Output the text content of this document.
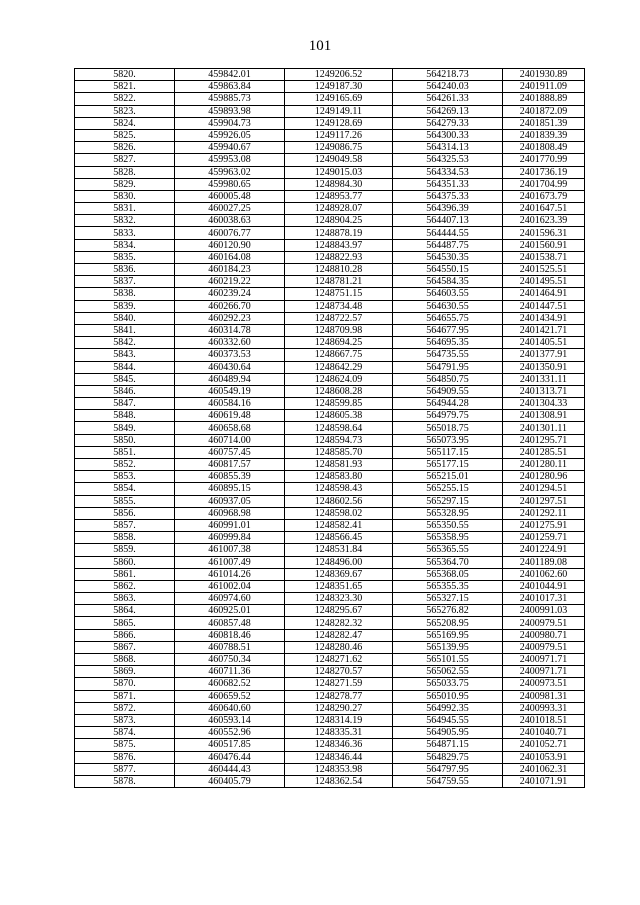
101
5820.	459842.01	1249206.52	564218.73	2401930.89
5821.	459863.84	1249187.30	564240.03	2401911.09
5822.	459885.73	1249165.69	564261.33	2401888.89
5823.	459893.98	1249149.11	564269.13	2401872.09
5824.	459904.73	1249128.69	564279.33	2401851.39
5825.	459926.05	1249117.26	564300.33	2401839.39
5826.	459940.67	1249086.75	564314.13	2401808.49
5827.	459953.08	1249049.58	564325.53	2401770.99
5828.	459963.02	1249015.03	564334.53	2401736.19
5829.	459980.65	1248984.30	564351.33	2401704.99
5830.	460005.48	1248953.77	564375.33	2401673.79
5831.	460027.25	1248928.07	564396.39	2401647.51
5832.	460038.63	1248904.25	564407.13	2401623.39
5833.	460076.77	1248878.19	564444.55	2401596.31
5834.	460120.90	1248843.97	564487.75	2401560.91
5835.	460164.08	1248822.93	564530.35	2401538.71
5836.	460184.23	1248810.28	564550.15	2401525.51
5837.	460219.22	1248781.21	564584.35	2401495.51
5838.	460239.24	1248751.15	564603.55	2401464.91
5839.	460266.70	1248734.48	564630.55	2401447.51
5840.	460292.23	1248722.57	564655.75	2401434.91
5841.	460314.78	1248709.98	564677.95	2401421.71
5842.	460332.60	1248694.25	564695.35	2401405.51
5843.	460373.53	1248667.75	564735.55	2401377.91
5844.	460430.64	1248642.29	564791.95	2401350.91
5845.	460489.94	1248624.09	564850.75	2401331.11
5846.	460549.19	1248608.28	564909.55	2401313.71
5847.	460584.16	1248599.85	564944.28	2401304.33
5848.	460619.48	1248605.38	564979.75	2401308.91
5849.	460658.68	1248598.64	565018.75	2401301.11
5850.	460714.00	1248594.73	565073.95	2401295.71
5851.	460757.45	1248585.70	565117.15	2401285.51
5852.	460817.57	1248581.93	565177.15	2401280.11
5853.	460855.39	1248583.80	565215.01	2401280.96
5854.	460895.15	1248598.43	565255.15	2401294.51
5855.	460937.05	1248602.56	565297.15	2401297.51
5856.	460968.98	1248598.02	565328.95	2401292.11
5857.	460991.01	1248582.41	565350.55	2401275.91
5858.	460999.84	1248566.45	565358.95	2401259.71
5859.	461007.38	1248531.84	565365.55	2401224.91
5860.	461007.49	1248496.00	565364.70	2401189.08
5861.	461014.26	1248369.67	565368.05	2401062.60
5862.	461002.04	1248351.65	565355.35	2401044.91
5863.	460974.60	1248323.30	565327.15	2401017.31
5864.	460925.01	1248295.67	565276.82	2400991.03
5865.	460857.48	1248282.32	565208.95	2400979.51
5866.	460818.46	1248282.47	565169.95	2400980.71
5867.	460788.51	1248280.46	565139.95	2400979.51
5868.	460750.34	1248271.62	565101.55	2400971.71
5869.	460711.36	1248270.57	565062.55	2400971.71
5870.	460682.52	1248271.59	565033.75	2400973.51
5871.	460659.52	1248278.77	565010.95	2400981.31
5872.	460640.60	1248290.27	564992.35	2400993.31
5873.	460593.14	1248314.19	564945.55	2401018.51
5874.	460552.96	1248335.31	564905.95	2401040.71
5875.	460517.85	1248346.36	564871.15	2401052.71
5876.	460476.44	1248346.44	564829.75	2401053.91
5877.	460444.43	1248353.98	564797.95	2401062.31
5878.	460405.79	1248362.54	564759.55	2401071.91
